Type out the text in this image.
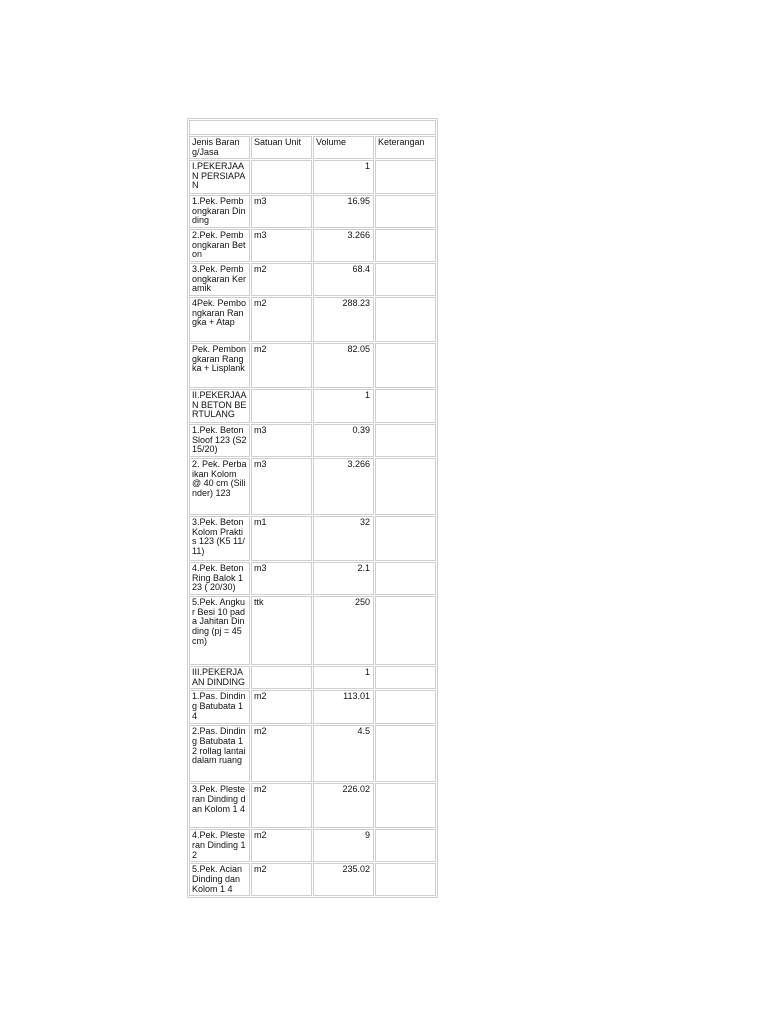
Jenis Barang/Jasa	Satuan Unit	Volume	Keterangan
I.PEKERJAAN PERSIAPAN		1	
1.Pek. Pembongkaran Dinding	m3	16.95	
2.Pek. Pembongkaran Beton	m3	3.266	
3.Pek. Pembongkaran Keramik	m2	68.4	
4Pek. Pembongkaran Rangka + Atap	m2	288.23	
Pek. Pembongkaran Rangka + Lisplank	m2	82.05	
II.PEKERJAAN BETON BERTULANG		1	
1.Pek. Beton Sloof 123 (S2 15/20)	m3	0.39	
2. Pek. Perbaikan Kolom @ 40 cm (Silinder) 123	m3	3.266	
3.Pek. Beton Kolom Praktis 123 (K5 11/11)	m1	32	
4.Pek. Beton Ring Balok 123 ( 20/30)	m3	2.1	
5.Pek. Angkur Besi 10 pada Jahitan Dinding (pj = 45 cm)	ttk	250	
III.PEKERJAAN DINDING		1	
1.Pas. Dinding Batubata 14	m2	113.01	
2.Pas. Dinding Batubata 12 rollag lantai dalam ruang	m2	4.5	
3.Pek. Plesteran Dinding dan Kolom 1 4	m2	226.02	
4.Pek. Plesteran Dinding 1 2	m2	9	
5.Pek. Acian Dinding dan Kolom 1 4	m2	235.02	
